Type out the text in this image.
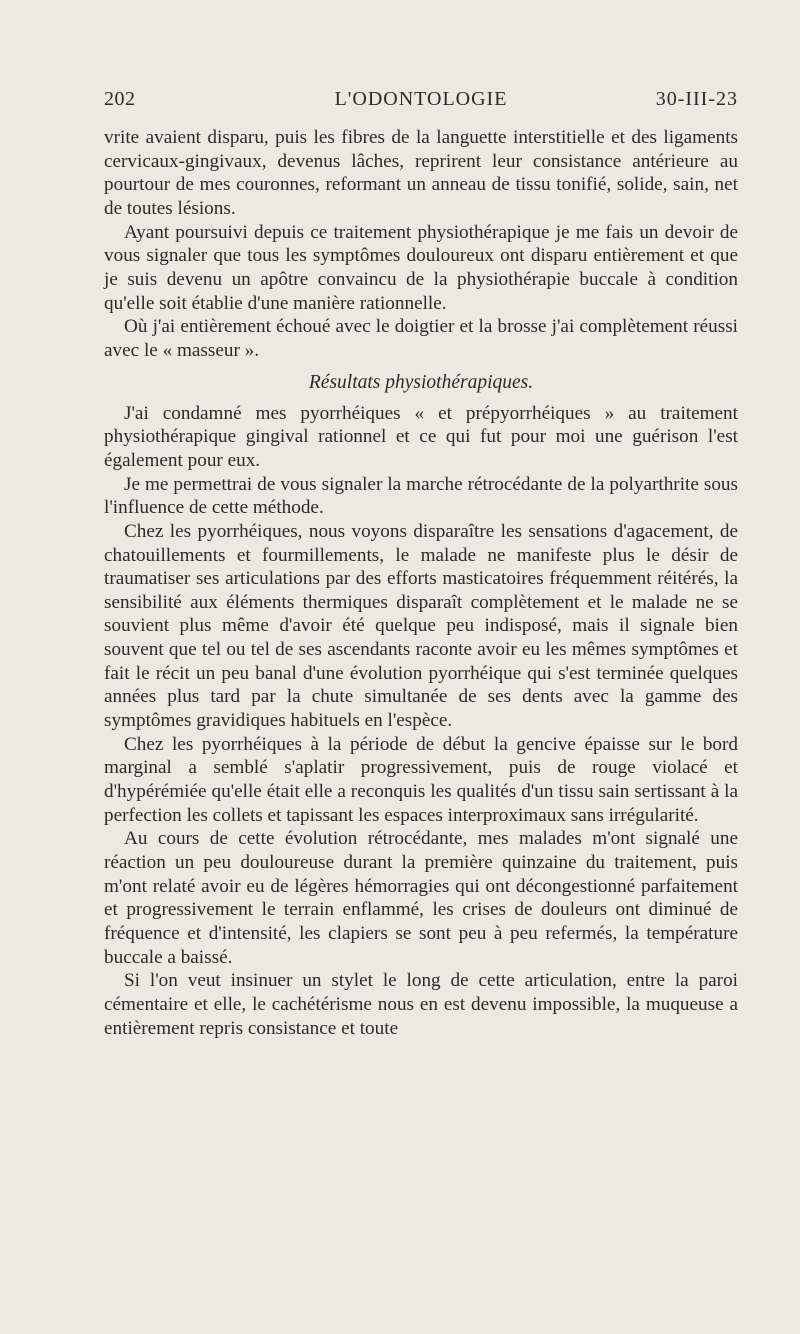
202	L'ODONTOLOGIE	30-III-23

vrite avaient disparu, puis les fibres de la languette interstitielle et des ligaments cervicaux-gingivaux, devenus lâches, reprirent leur consistance antérieure au pourtour de mes couronnes, reformant un anneau de tissu tonifié, solide, sain, net de toutes lésions.

Ayant poursuivi depuis ce traitement physiothérapique je me fais un devoir de vous signaler que tous les symptômes douloureux ont disparu entièrement et que je suis devenu un apôtre convaincu de la physiothérapie buccale à condition qu'elle soit établie d'une manière rationnelle.

Où j'ai entièrement échoué avec le doigtier et la brosse j'ai complètement réussi avec le « masseur ».

Résultats physiothérapiques.

J'ai condamné mes pyorrhéiques « et prépyorrhéiques » au traitement physiothérapique gingival rationnel et ce qui fut pour moi une guérison l'est également pour eux.

Je me permettrai de vous signaler la marche rétrocédante de la polyarthrite sous l'influence de cette méthode.

Chez les pyorrhéiques, nous voyons disparaître les sensations d'agacement, de chatouillements et fourmillements, le malade ne manifeste plus le désir de traumatiser ses articulations par des efforts masticatoires fréquemment réitérés, la sensibilité aux éléments thermiques disparaît complètement et le malade ne se souvient plus même d'avoir été quelque peu indisposé, mais il signale bien souvent que tel ou tel de ses ascendants raconte avoir eu les mêmes symptômes et fait le récit un peu banal d'une évolution pyorrhéique qui s'est terminée quelques années plus tard par la chute simultanée de ses dents avec la gamme des symptômes gravidiques habituels en l'espèce.

Chez les pyorrhéiques à la période de début la gencive épaisse sur le bord marginal a semblé s'aplatir progressivement, puis de rouge violacé et d'hypérémiée qu'elle était elle a reconquis les qualités d'un tissu sain sertissant à la perfection les collets et tapissant les espaces interproximaux sans irrégularité.

Au cours de cette évolution rétrocédante, mes malades m'ont signalé une réaction un peu douloureuse durant la première quinzaine du traitement, puis m'ont relaté avoir eu de légères hémorragies qui ont décongestionné parfaitement et progressivement le terrain enflammé, les crises de douleurs ont diminué de fréquence et d'intensité, les clapiers se sont peu à peu refermés, la température buccale a baissé.

Si l'on veut insinuer un stylet le long de cette articulation, entre la paroi cémentaire et elle, le cachétérisme nous en est devenu impossible, la muqueuse a entièrement repris consistance et toute
